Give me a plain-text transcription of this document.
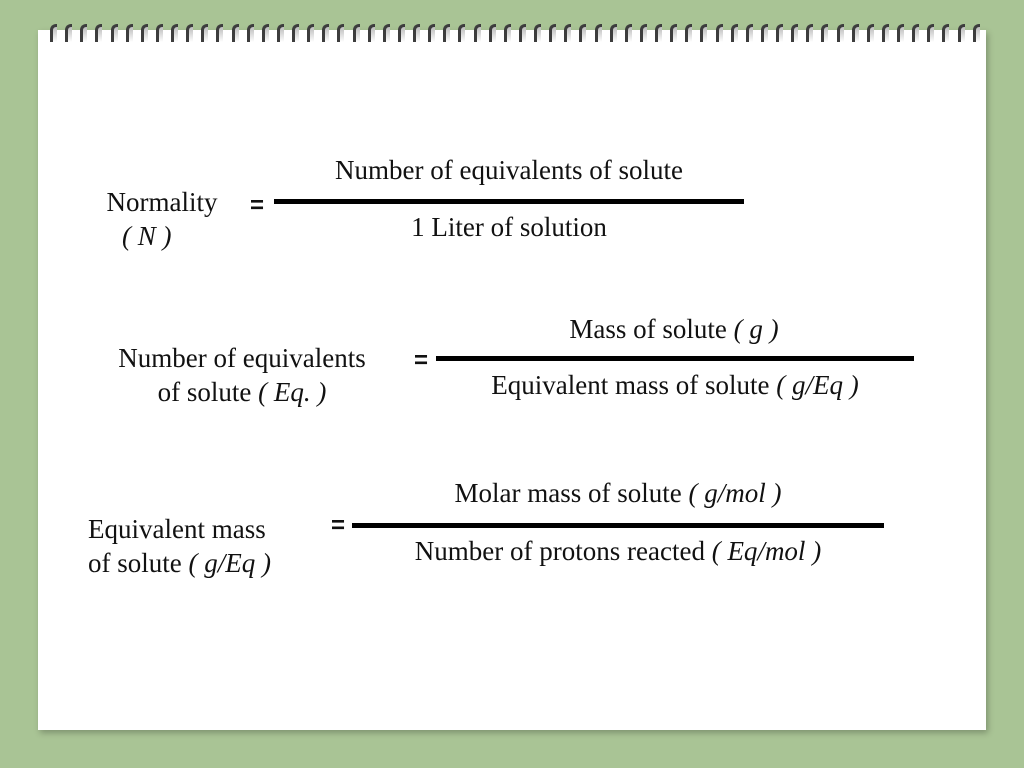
Normality
( N )
=
Number of equivalents of solute
1 Liter of solution
Number of equivalents
of solute ( Eq. )
=
Mass of solute ( g )
Equivalent mass of solute ( g/Eq )
Equivalent mass
of solute ( g/Eq )
=
Molar mass of solute ( g/mol )
Number of protons reacted ( Eq/mol )
